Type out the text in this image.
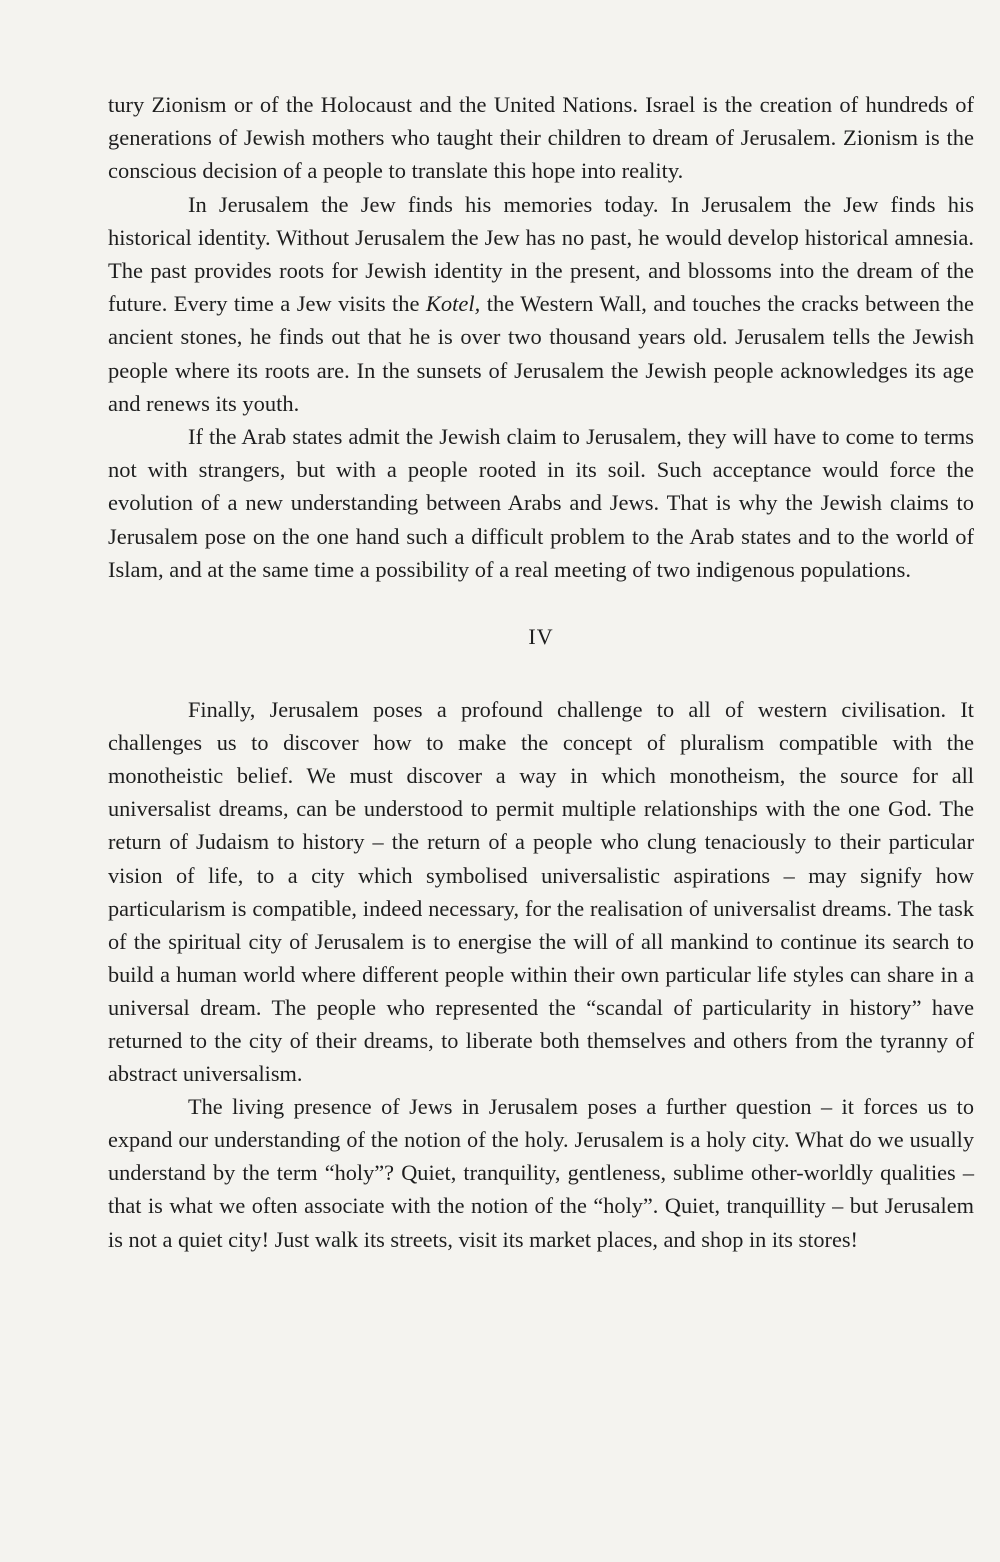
tury Zionism or of the Holocaust and the United Nations. Israel is the creation of hundreds of generations of Jewish mothers who taught their children to dream of Jerusalem. Zionism is the conscious decision of a people to translate this hope into reality.

In Jerusalem the Jew finds his memories today. In Jerusalem the Jew finds his historical identity. Without Jerusalem the Jew has no past, he would develop historical amnesia. The past provides roots for Jewish identity in the present, and blossoms into the dream of the future. Every time a Jew visits the Kotel, the Western Wall, and touches the cracks between the ancient stones, he finds out that he is over two thousand years old. Jerusalem tells the Jewish people where its roots are. In the sunsets of Jerusalem the Jewish people acknowledges its age and renews its youth.

If the Arab states admit the Jewish claim to Jerusalem, they will have to come to terms not with strangers, but with a people rooted in its soil. Such acceptance would force the evolution of a new understanding between Arabs and Jews. That is why the Jewish claims to Jerusalem pose on the one hand such a difficult problem to the Arab states and to the world of Islam, and at the same time a possibility of a real meeting of two indigenous populations.

IV

Finally, Jerusalem poses a profound challenge to all of western civilisation. It challenges us to discover how to make the concept of pluralism compatible with the monotheistic belief. We must discover a way in which monotheism, the source for all universalist dreams, can be understood to permit multiple relationships with the one God. The return of Judaism to history – the return of a people who clung tenaciously to their particular vision of life, to a city which symbolised universalistic aspirations – may signify how particularism is compatible, indeed necessary, for the realisation of universalist dreams. The task of the spiritual city of Jerusalem is to energise the will of all mankind to continue its search to build a human world where different people within their own particular life styles can share in a universal dream. The people who represented the “scandal of particularity in history” have returned to the city of their dreams, to liberate both themselves and others from the tyranny of abstract universalism.

The living presence of Jews in Jerusalem poses a further question – it forces us to expand our understanding of the notion of the holy. Jerusalem is a holy city. What do we usually understand by the term “holy”? Quiet, tranquility, gentleness, sublime other-worldly qualities – that is what we often associate with the notion of the “holy”. Quiet, tranquillity – but Jerusalem is not a quiet city! Just walk its streets, visit its market places, and shop in its stores!
